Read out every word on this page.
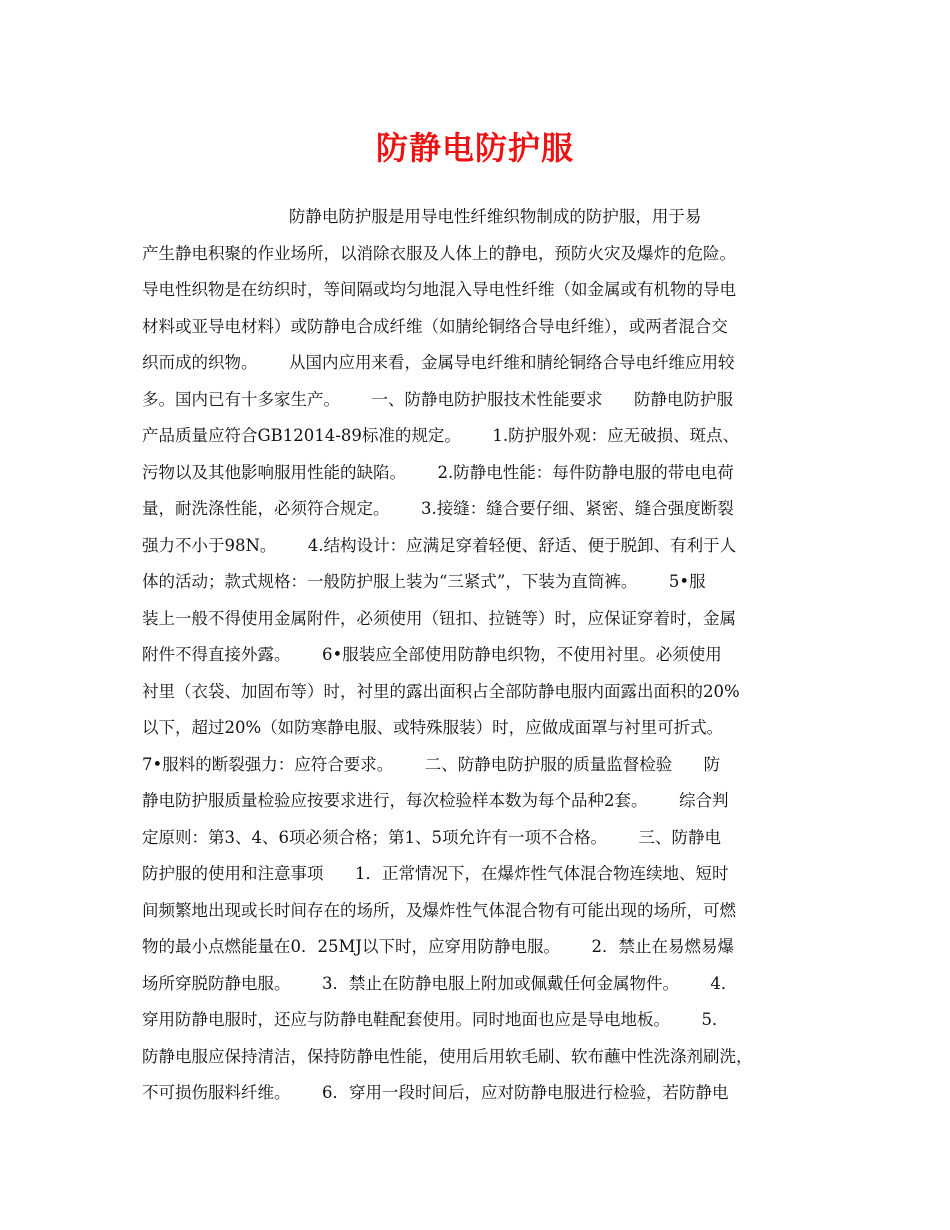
防静电防护服
防静电防护服是用导电性纤维织物制成的防护服，用于易
产生静电积聚的作业场所，以消除衣服及人体上的静电，预防火灾及爆炸的危险。
导电性织物是在纺织时，等间隔或均匀地混入导电性纤维（如金属或有机物的导电
材料或亚导电材料）或防静电合成纤维（如腈纶铜络合导电纤维），或两者混合交
织而成的织物。      从国内应用来看，金属导电纤维和腈纶铜络合导电纤维应用较
多。国内已有十多家生产。      一、防静电防护服技术性能要求      防静电防护服
产品质量应符合GB12014-89标准的规定。      1.防护服外观：应无破损、斑点、
污物以及其他影响服用性能的缺陷。      2.防静电性能：每件防静电服的带电电荷
量，耐洗涤性能，必须符合规定。      3.接缝：缝合要仔细、紧密、缝合强度断裂
强力不小于98N。      4.结构设计：应满足穿着轻便、舒适、便于脱卸、有利于人
体的活动；款式规格：一般防护服上装为“三紧式”，下装为直筒裤。      5•服
装上一般不得使用金属附件，必须使用（钮扣、拉链等）时，应保证穿着时，金属
附件不得直接外露。      6•服装应全部使用防静电织物，不使用衬里。必须使用
衬里（衣袋、加固布等）时，衬里的露出面积占全部防静电服内面露出面积的20%
以下，超过20%（如防寒静电服、或特殊服装）时，应做成面罩与衬里可折式。
7•服料的断裂强力：应符合要求。      二、防静电防护服的质量监督检验      防
静电防护服质量检验应按要求进行，每次检验样本数为每个品种2套。      综合判
定原则：第3、4、6项必须合格；第1、5项允许有一项不合格。      三、防静电
防护服的使用和注意事项      1．正常情况下，在爆炸性气体混合物连续地、短时
间频繁地出现或长时间存在的场所，及爆炸性气体混合物有可能出现的场所，可燃
物的最小点燃能量在0．25MJ以下时，应穿用防静电服。      2．禁止在易燃易爆
场所穿脱防静电服。      3．禁止在防静电服上附加或佩戴任何金属物件。      4．
穿用防静电服时，还应与防静电鞋配套使用。同时地面也应是导电地板。      5．
防静电服应保持清洁，保持防静电性能，使用后用软毛刷、软布蘸中性洗涤剂刷洗，
不可损伤服料纤维。      6．穿用一段时间后，应对防静电服进行检验，若防静电
